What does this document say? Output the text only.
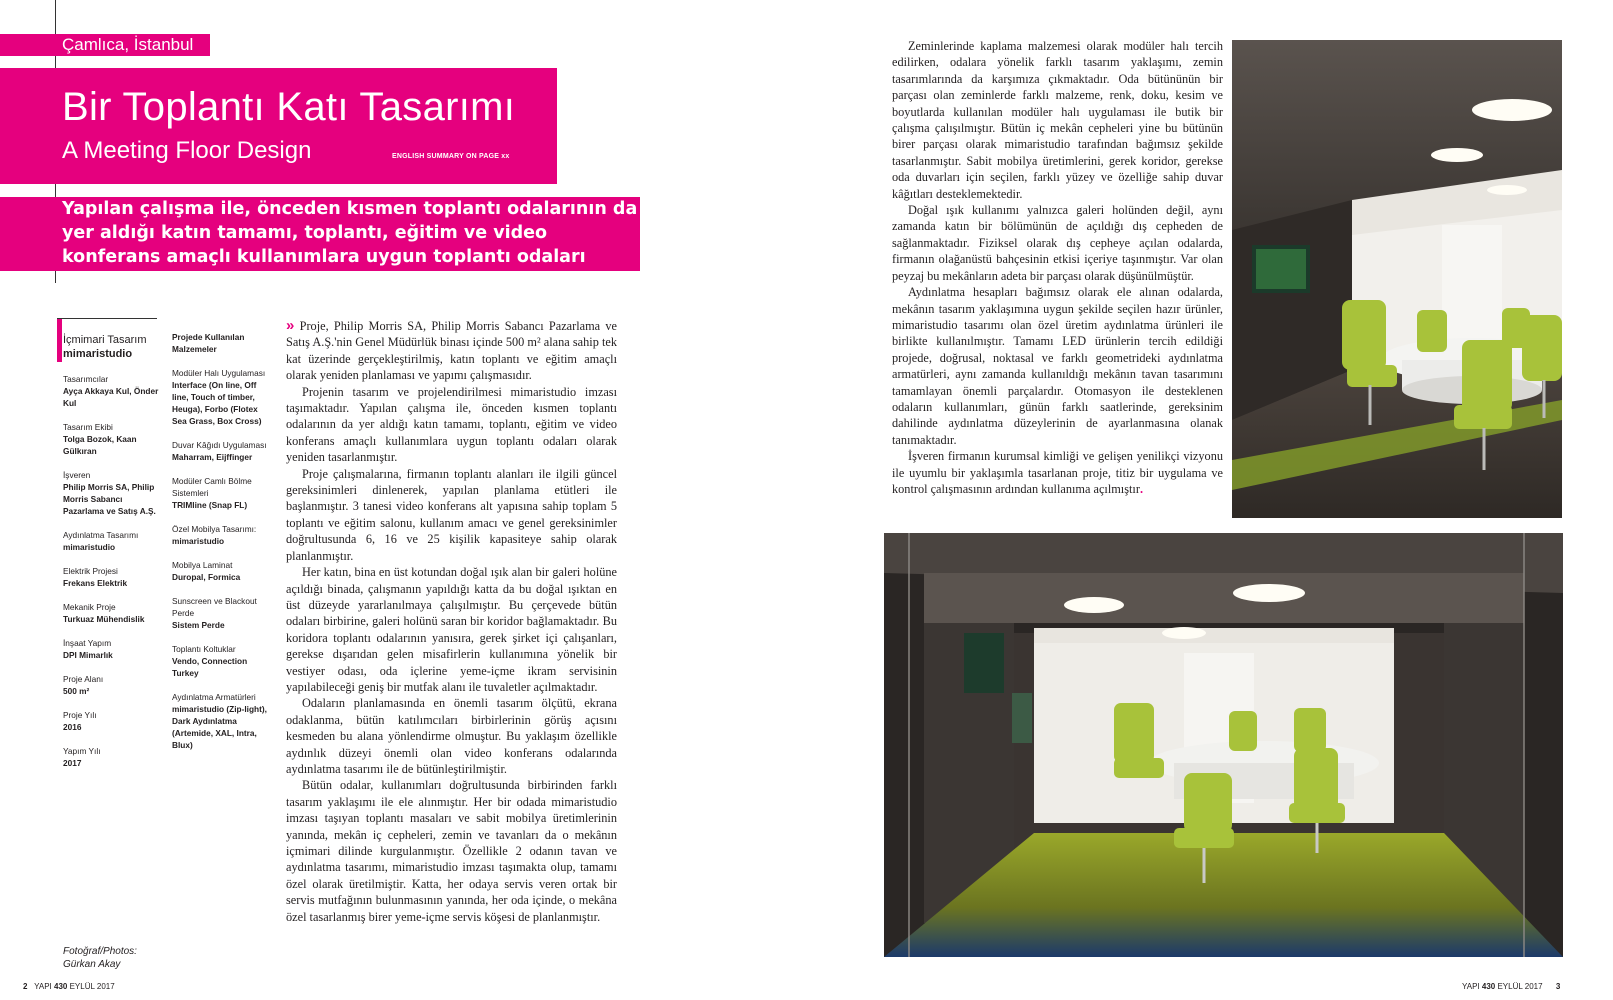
Çamlıca, İstanbul
Bir Toplantı Katı Tasarımı
A Meeting Floor Design	ENGLISH SUMMARY ON PAGE xx
Yapılan çalışma ile, önceden kısmen toplantı odalarının da yer aldığı katın tamamı, toplantı, eğitim ve video konferans amaçlı kullanımlara uygun toplantı odaları olarak yeniden tasarlanmıştır.
İçmimari Tasarım
mimaristudio
Tasarımcılar
Ayça Akkaya Kul, Önder Kul
Tasarım Ekibi
Tolga Bozok, Kaan Gülkıran
İşveren
Philip Morris SA, Philip Morris Sabancı Pazarlama ve Satış A.Ş.
Aydınlatma Tasarımı
mimaristudio
Elektrik Projesi
Frekans Elektrik
Mekanik Proje
Turkuaz Mühendislik
İnşaat Yapım
DPI Mimarlık
Proje Alanı
500 m²
Proje Yılı
2016
Yapım Yılı
2017
Projede Kullanılan Malzemeler
Modüler Halı Uygulaması
Interface (On line, Off line, Touch of timber, Heuga), Forbo (Flotex Sea Grass, Box Cross)
Duvar Kâğıdı Uygulaması
Maharram, Eijffinger
Modüler Camlı Bölme Sistemleri
TRIMline (Snap FL)
Özel Mobilya Tasarımı:
mimaristudio
Mobilya Laminat
Duropal, Formica
Sunscreen ve Blackout Perde
Sistem Perde
Toplantı Koltuklar
Vendo, Connection Turkey
Aydınlatma Armatürleri
mimaristudio (Zip-light), Dark Aydınlatma (Artemide, XAL, Intra, Blux)
Fotoğraf/Photos: Gürkan Akay

» Proje, Philip Morris SA, Philip Morris Sabancı Pazarlama ve Satış A.Ş.'nin Genel Müdürlük binası içinde 500 m² alana sahip tek kat üzerinde gerçekleştirilmiş, katın toplantı ve eğitim amaçlı olarak yeniden planlaması ve yapımı çalışmasıdır.

Projenin tasarım ve projelendirilmesi mimaristudio imzası taşımaktadır. Yapılan çalışma ile, önceden kısmen toplantı odalarının da yer aldığı katın tamamı, toplantı, eğitim ve video konferans amaçlı kullanımlara uygun toplantı odaları olarak yeniden tasarlanmıştır.

Proje çalışmalarına, firmanın toplantı alanları ile ilgili güncel gereksinimleri dinlenerek, yapılan planlama etütleri ile başlanmıştır. 3 tanesi video konferans alt yapısına sahip toplam 5 toplantı ve eğitim salonu, kullanım amacı ve genel gereksinimler doğrultusunda 6, 16 ve 25 kişilik kapasiteye sahip olarak planlanmıştır.

Her katın, bina en üst kotundan doğal ışık alan bir galeri holüne açıldığı binada, çalışmanın yapıldığı katta da bu doğal ışıktan en üst düzeyde yararlanılmaya çalışılmıştır. Bu çerçevede bütün odaları birbirine, galeri holünü saran bir koridor bağlamaktadır. Bu koridora toplantı odalarının yanısıra, gerek şirket içi çalışanları, gerekse dışarıdan gelen misafirlerin kullanımına yönelik bir vestiyer odası, oda içlerine yeme-içme ikram servisinin yapılabileceği geniş bir mutfak alanı ile tuvaletler açılmaktadır.

Odaların planlamasında en önemli tasarım ölçütü, ekrana odaklanma, bütün katılımcıları birbirlerinin görüş açısını kesmeden bu alana yönlendirme olmuştur. Bu yaklaşım özellikle aydınlık düzeyi önemli olan video konferans odalarında aydınlatma tasarımı ile de bütünleştirilmiştir.

Bütün odalar, kullanımları doğrultusunda birbirinden farklı tasarım yaklaşımı ile ele alınmıştır. Her bir odada mimaristudio imzası taşıyan toplantı masaları ve sabit mobilya üretimlerinin yanında, mekân iç cepheleri, zemin ve tavanları da o mekânın içmimari dilinde kurgulanmıştır. Özellikle 2 odanın tavan ve aydınlatma tasarımı, mimaristudio imzası taşımakta olup, tamamı özel olarak üretilmiştir. Katta, her odaya servis veren ortak bir servis mutfağının bulunmasının yanında, her oda içinde, o mekâna özel tasarlanmış birer yeme-içme servis köşesi de planlanmıştır.

Zeminlerinde kaplama malzemesi olarak modüler halı tercih edilirken, odalara yönelik farklı tasarım yaklaşımı, zemin tasarımlarında da karşımıza çıkmaktadır. Oda bütününün bir parçası olan zeminlerde farklı malzeme, renk, doku, kesim ve boyutlarda kullanılan modüler halı uygulaması ile butik bir çalışma çalışılmıştır. Bütün iç mekân cepheleri yine bu bütünün birer parçası olarak mimaristudio tarafından bağımsız şekilde tasarlanmıştır. Sabit mobilya üretimlerini, gerek koridor, gerekse oda duvarları için seçilen, farklı yüzey ve özelliğe sahip duvar kâğıtları desteklemektedir.

Doğal ışık kullanımı yalnızca galeri holünden değil, aynı zamanda katın bir bölümünün de açıldığı dış cepheden de sağlanmaktadır. Fiziksel olarak dış cepheye açılan odalarda, firmanın olağanüstü bahçesinin etkisi içeriye taşınmıştır. Var olan peyzaj bu mekânların adeta bir parçası olarak düşünülmüştür.

Aydınlatma hesapları bağımsız olarak ele alınan odalarda, mekânın tasarım yaklaşımına uygun şekilde seçilen hazır ürünler, mimaristudio tasarımı olan özel üretim aydınlatma ürünleri ile birlikte kullanılmıştır. Tamamı LED ürünlerin tercih edildiği projede, doğrusal, noktasal ve farklı geometrideki aydınlatma armatürleri, aynı zamanda kullanıldığı mekânın tavan tasarımını tamamlayan önemli parçalardır. Otomasyon ile desteklenen odaların kullanımları, günün farklı saatlerinde, gereksinim dahilinde aydınlatma düzeylerinin de ayarlanmasına olanak tanımaktadır.

İşveren firmanın kurumsal kimliği ve gelişen yenilikçi vizyonu ile uyumlu bir yaklaşımla tasarlanan proje, titiz bir uygulama ve kontrol çalışmasının ardından kullanıma açılmıştır.

2 YAPI 430 EYLÜL 2017	YAPI 430 EYLÜL 2017 3
